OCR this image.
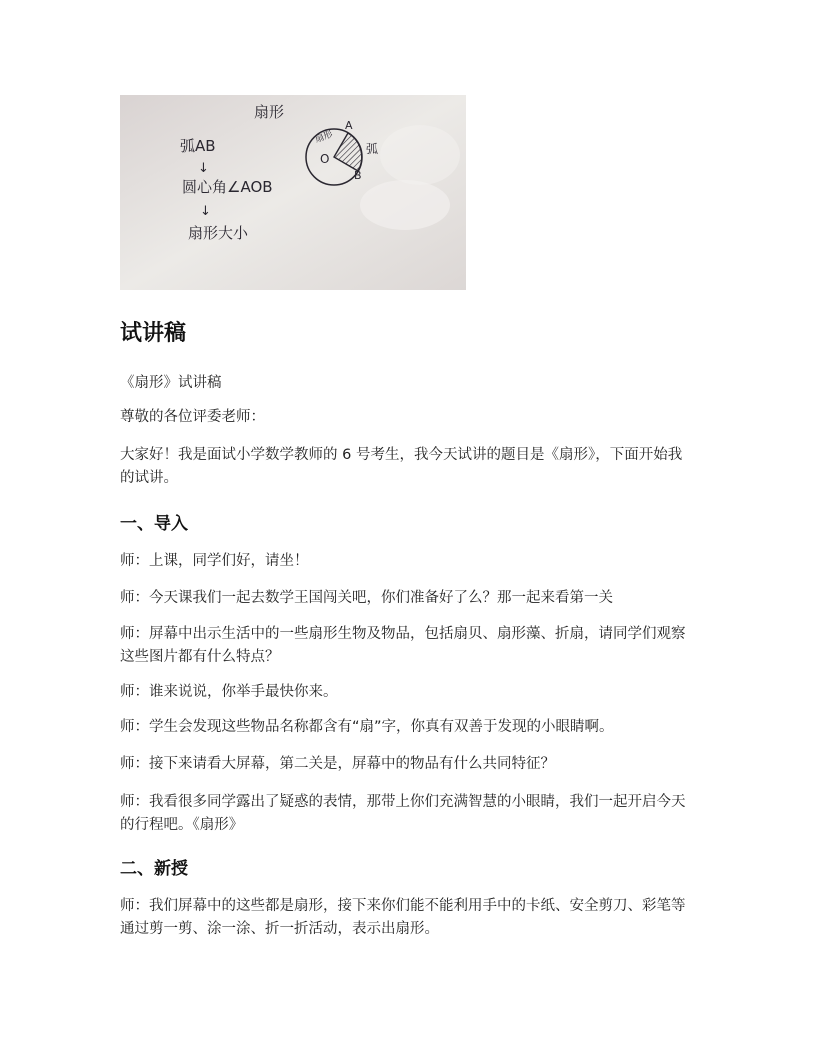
扇形
弧AB
↓
圆心角∠AOB
↓
扇形大小
O
A
B
弧
扇形
试讲稿

《扇形》试讲稿

尊敬的各位评委老师：

大家好！我是面试小学数学教师的 6 号考生，我今天试讲的题目是《扇形》，下面开始我的试讲。

一、导入

师：上课，同学们好，请坐！

师：今天课我们一起去数学王国闯关吧，你们准备好了么？那一起来看第一关

师：屏幕中出示生活中的一些扇形生物及物品，包括扇贝、扇形藻、折扇，请同学们观察这些图片都有什么特点？

师：谁来说说，你举手最快你来。

师：学生会发现这些物品名称都含有“扇”字，你真有双善于发现的小眼睛啊。

师：接下来请看大屏幕，第二关是，屏幕中的物品有什么共同特征？

师：我看很多同学露出了疑惑的表情，那带上你们充满智慧的小眼睛，我们一起开启今天的行程吧。《扇形》

二、新授

师：我们屏幕中的这些都是扇形，接下来你们能不能利用手中的卡纸、安全剪刀、彩笔等通过剪一剪、涂一涂、折一折活动，表示出扇形。
